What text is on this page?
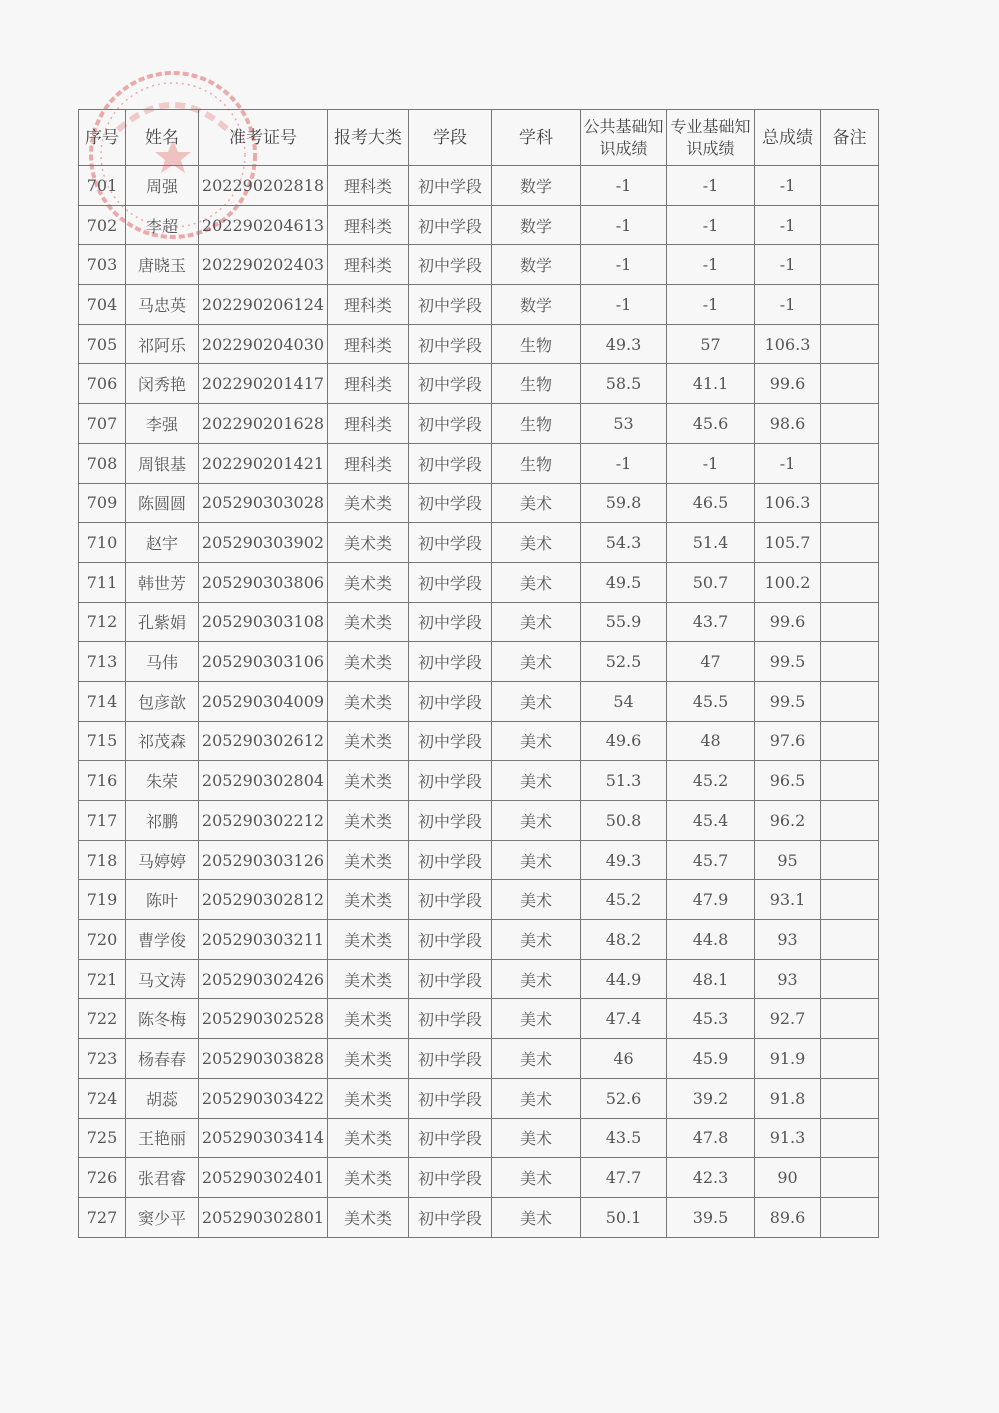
序号	姓名	准考证号	报考大类	学段	学科	公共基础知识成绩	专业基础知识成绩	总成绩	备注
701	周强	202290202818	理科类	初中学段	数学	-1	-1	-1	
702	李超	202290204613	理科类	初中学段	数学	-1	-1	-1	
703	唐晓玉	202290202403	理科类	初中学段	数学	-1	-1	-1	
704	马忠英	202290206124	理科类	初中学段	数学	-1	-1	-1	
705	祁阿乐	202290204030	理科类	初中学段	生物	49.3	57	106.3	
706	闵秀艳	202290201417	理科类	初中学段	生物	58.5	41.1	99.6	
707	李强	202290201628	理科类	初中学段	生物	53	45.6	98.6	
708	周银基	202290201421	理科类	初中学段	生物	-1	-1	-1	
709	陈圆圆	205290303028	美术类	初中学段	美术	59.8	46.5	106.3	
710	赵宇	205290303902	美术类	初中学段	美术	54.3	51.4	105.7	
711	韩世芳	205290303806	美术类	初中学段	美术	49.5	50.7	100.2	
712	孔紫娟	205290303108	美术类	初中学段	美术	55.9	43.7	99.6	
713	马伟	205290303106	美术类	初中学段	美术	52.5	47	99.5	
714	包彦歆	205290304009	美术类	初中学段	美术	54	45.5	99.5	
715	祁茂森	205290302612	美术类	初中学段	美术	49.6	48	97.6	
716	朱荣	205290302804	美术类	初中学段	美术	51.3	45.2	96.5	
717	祁鹏	205290302212	美术类	初中学段	美术	50.8	45.4	96.2	
718	马婷婷	205290303126	美术类	初中学段	美术	49.3	45.7	95	
719	陈叶	205290302812	美术类	初中学段	美术	45.2	47.9	93.1	
720	曹学俊	205290303211	美术类	初中学段	美术	48.2	44.8	93	
721	马文涛	205290302426	美术类	初中学段	美术	44.9	48.1	93	
722	陈冬梅	205290302528	美术类	初中学段	美术	47.4	45.3	92.7	
723	杨春春	205290303828	美术类	初中学段	美术	46	45.9	91.9	
724	胡蕊	205290303422	美术类	初中学段	美术	52.6	39.2	91.8	
725	王艳丽	205290303414	美术类	初中学段	美术	43.5	47.8	91.3	
726	张君睿	205290302401	美术类	初中学段	美术	47.7	42.3	90	
727	窦少平	205290302801	美术类	初中学段	美术	50.1	39.5	89.6	
